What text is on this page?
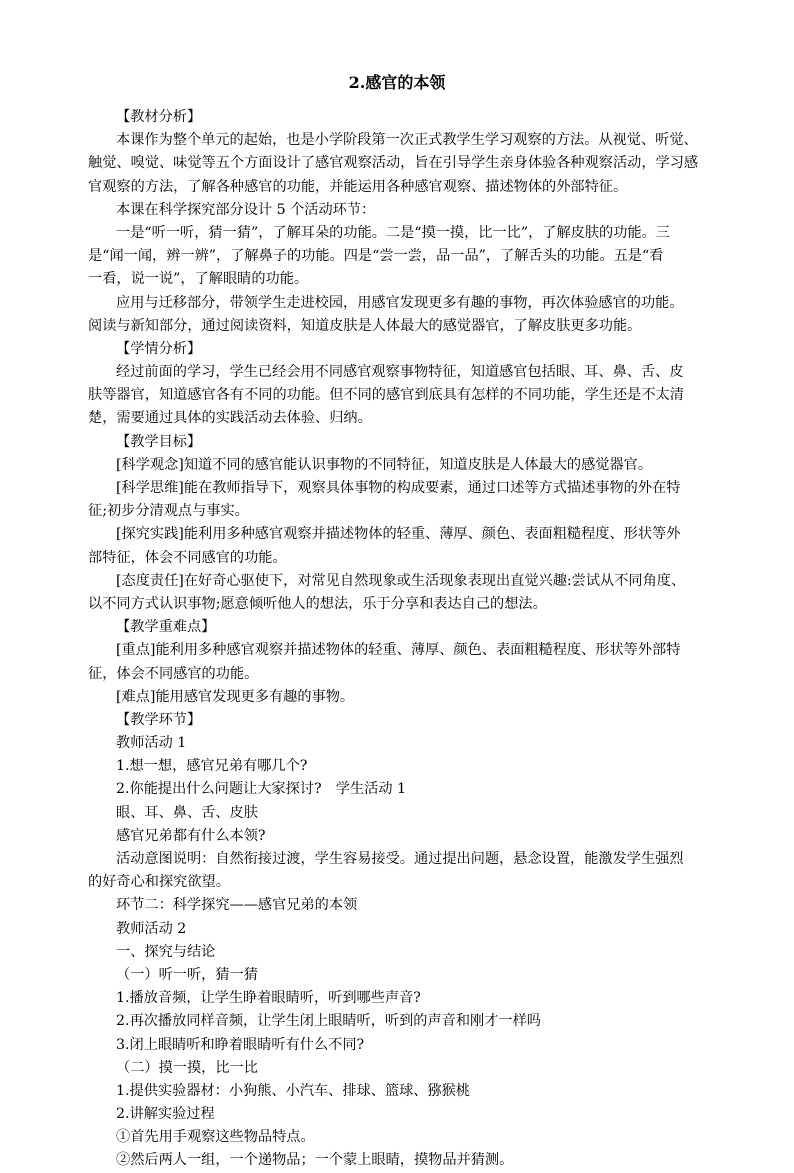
2.感官的本领
【教材分析】
本课作为整个单元的起始，也是小学阶段第一次正式教学生学习观察的方法。从视觉、听觉、
触觉、嗅觉、味觉等五个方面设计了感官观察活动，旨在引导学生亲身体验各种观察活动，学习感
官观察的方法，了解各种感官的功能，并能运用各种感官观察、描述物体的外部特征。
本课在科学探究部分设计 5 个活动环节：
一是“听一听，猜一猜”，了解耳朵的功能。二是“摸一摸，比一比”，了解皮肤的功能。三
是“闻一闻，辨一辨”，了解鼻子的功能。四是“尝一尝，品一品”，了解舌头的功能。五是“看
一看，说一说”，了解眼睛的功能。
应用与迁移部分，带领学生走进校园，用感官发现更多有趣的事物，再次体验感官的功能。
阅读与新知部分，通过阅读资料，知道皮肤是人体最大的感觉器官，了解皮肤更多功能。
【学情分析】
经过前面的学习，学生已经会用不同感官观察事物特征，知道感官包括眼、耳、鼻、舌、皮
肤等器官，知道感官各有不同的功能。但不同的感官到底具有怎样的不同功能，学生还是不太清
楚，需要通过具体的实践活动去体验、归纳。
【教学目标】
[科学观念]知道不同的感官能认识事物的不同特征，知道皮肤是人体最大的感觉器官。
[科学思维]能在教师指导下，观察具体事物的构成要素，通过口述等方式描述事物的外在特
征;初步分清观点与事实。
[探究实践]能利用多种感官观察并描述物体的轻重、薄厚、颜色、表面粗糙程度、形状等外
部特征，体会不同感官的功能。
[态度责任]在好奇心驱使下，对常见自然现象或生活现象表现出直觉兴趣:尝试从不同角度、
以不同方式认识事物;愿意倾听他人的想法，乐于分享和表达自己的想法。
【教学重难点】
[重点]能利用多种感官观察并描述物体的轻重、薄厚、颜色、表面粗糙程度、形状等外部特
征，体会不同感官的功能。
[难点]能用感官发现更多有趣的事物。
【教学环节】
教师活动 1
1.想一想，感官兄弟有哪几个?
2.你能提出什么问题让大家探讨?　学生活动 1
眼、耳、鼻、舌、皮肤
感官兄弟都有什么本领?
活动意图说明：自然衔接过渡，学生容易接受。通过提出问题，悬念设置，能激发学生强烈
的好奇心和探究欲望。
环节二：科学探究——感官兄弟的本领
教师活动 2
一、探究与结论
（一）听一听，猜一猜
1.播放音频，让学生睁着眼睛听，听到哪些声音?
2.再次播放同样音频，让学生闭上眼睛听，听到的声音和刚才一样吗
3.闭上眼睛听和睁着眼睛听有什么不同?
（二）摸一摸，比一比
1.提供实验器材：小狗熊、小汽车、排球、篮球、猕猴桃
2.讲解实验过程
①首先用手观察这些物品特点。
②然后两人一组，一个递物品；一个蒙上眼睛，摸物品并猜测。
